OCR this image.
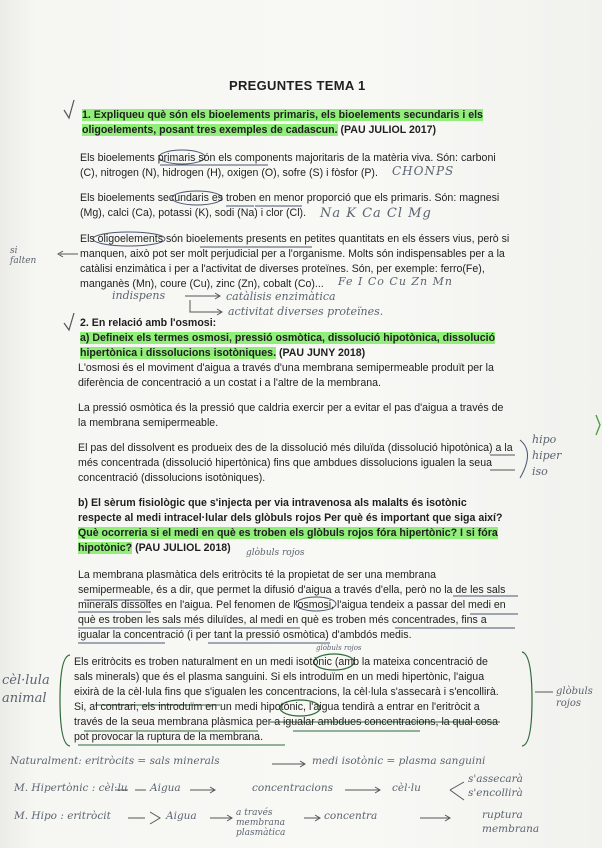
PREGUNTES TEMA 1
1. Expliqueu què són els bioelements primaris, els bioelements secundaris i els
oligoelements, posant tres exemples de cadascun. (PAU JULIOL 2017)
Els bioelements primaris són els components majoritaris de la matèria viva. Són: carboni
(C), nitrogen (N), hidrogen (H), oxigen (O), sofre (S) i fòsfor (P).
Els bioelements secundaris es troben en menor proporció que els primaris. Són: magnesi
(Mg), calci (Ca), potassi (K), sodi (Na) i clor (Cl).
Els oligoelements són bioelements presents en petites quantitats en els éssers vius, però si
manquen, això pot ser molt perjudicial per a l'organisme. Molts són indispensables per a la
catàlisi enzimàtica i per a l'activitat de diverses proteïnes. Són, per exemple: ferro(Fe),
manganès (Mn), coure (Cu), zinc (Zn), cobalt (Co)...
2. En relació amb l'osmosi:
a) Definеix els termes osmosi, pressió osmòtica, dissolució hipotònica, dissolució
hipertònica i dissolucions isotòniques. (PAU JUNY 2018)
L'osmosi és el moviment d'aigua a través d'una membrana semipermeable produït per la
diferència de concentració a un costat i a l'altre de la membrana.
La pressió osmòtica és la pressió que caldria exercir per a evitar el pas d'aigua a través de
la membrana semipermeable.
El pas del dissolvent es produeix des de la dissolució més diluïda (dissolució hipotònica) a la
més concentrada (dissolució hipertònica) fins que ambdues dissolucions igualen la seua
concentració (dissolucions isotòniques).
b) El sèrum fisiològic que s'injecta per via intravenosa als malalts és isotònic
respecte al medi intracel·lular dels glòbuls rojos Per què és important que siga així?
Què ocorreria si el medi en què es troben els glòbuls rojos fóra hipertònic? I si fóra
hipotònic? (PAU JULIOL 2018)
La membrana plasmàtica dels eritròcits té la propietat de ser una membrana
semipermeable, és a dir, que permet la difusió d'aigua a través d'ella, però no la de les sals
minerals dissoltes en l'aigua. Pel fenomen de l'osmosi, l'aigua tendeix a passar del medi en
què es troben les sals més diluïdes, al medi en què es troben més concentrades, fins a
igualar la concentració (i per tant la pressió osmòtica) d'ambdós medis.
Els eritròcits es troben naturalment en un medi isotònic (amb la mateixa concentració de
sals minerals) que és el plasma sanguini. Si els introduïm en un medi hipertònic, l'aigua
eixirà de la cèl·lula fins que s'igualen les concentracions, la cèl·lula s'assecarà i s'encollirà.
Si, al contrari, els introduïm en un medi hipotònic, l'aigua tendirà a entrar en l'eritròcit a
través de la seua membrana plàsmica per a igualar ambdues concentracions, la qual cosa
pot provocar la ruptura de la membrana.
si
falten
CHONPS
Na K Ca Cl Mg
Fe I Co Cu Zn Mn
indispens	catàlisis enzimàtica
activitat diverses proteïnes.
hipo
hiper
iso
glòbuls rojos
glòbuls rojos
cèl·lula
animal	glòbuls
rojos
Naturalment: eritròcits = sals minerals	medi isotònic = plasma sanguini
M. Hipertònic : cèl·lu Aigua	concentracions	cèl·lu
s'assecarà
s'encollirà
M. Hipo : eritròcit	Aigua	a través
membrana
plasmàtica
concentra	ruptura
membrana
